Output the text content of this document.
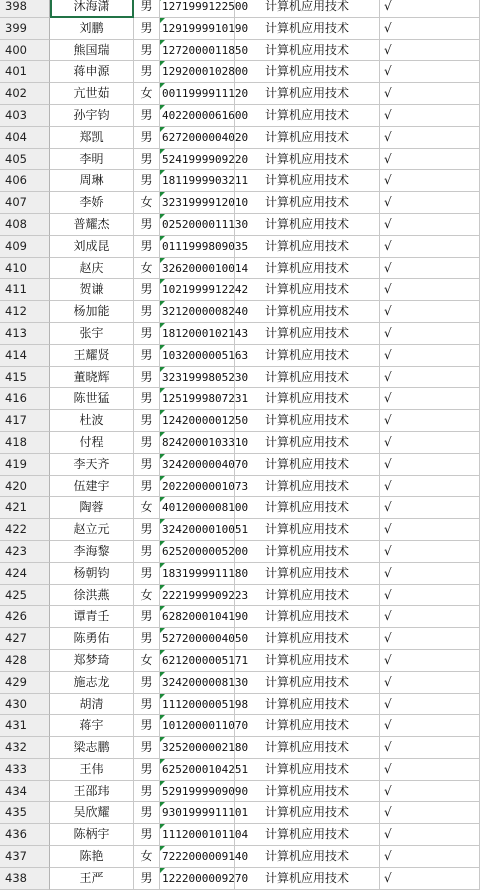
398	沐海潇	男 1271999122500	计算机应用技术	√
399	刘鹏	男 1291999910190	计算机应用技术	√
400	熊国瑞	男 1272000011850	计算机应用技术	√
401	蒋申源	男 1292000102800	计算机应用技术	√
402	亢世茹	女 0011999911120	计算机应用技术	√
403	孙宇钧	男 4022000061600	计算机应用技术	√
404	郑凯	男 6272000004020	计算机应用技术	√
405	李明	男 5241999909220	计算机应用技术	√
406	周琳	男 1811999903211	计算机应用技术	√
407	李娇	女 3231999912010	计算机应用技术	√
408	普耀杰	男 0252000011130	计算机应用技术	√
409	刘成昆	男 0111999809035	计算机应用技术	√
410	赵庆	女 3262000010014	计算机应用技术	√
411	贺谦	男 1021999912242	计算机应用技术	√
412	杨加能	男 3212000008240	计算机应用技术	√
413	张宇	男 1812000102143	计算机应用技术	√
414	王耀贤	男 1032000005163	计算机应用技术	√
415	董晓辉	男 3231999805230	计算机应用技术	√
416	陈世猛	男 1251999807231	计算机应用技术	√
417	杜波	男 1242000001250	计算机应用技术	√
418	付程	男 8242000103310	计算机应用技术	√
419	李天齐	男 3242000004070	计算机应用技术	√
420	伍建宇	男 2022000001073	计算机应用技术	√
421	陶蓉	女 4012000008100	计算机应用技术	√
422	赵立元	男 3242000010051	计算机应用技术	√
423	李海黎	男 6252000005200	计算机应用技术	√
424	杨朝钧	男 1831999911180	计算机应用技术	√
425	徐洪燕	女 2221999909223	计算机应用技术	√
426	谭青壬	男 6282000104190	计算机应用技术	√
427	陈勇佑	男 5272000004050	计算机应用技术	√
428	郑梦琦	女 6212000005171	计算机应用技术	√
429	施志龙	男 3242000008130	计算机应用技术	√
430	胡清	男 1112000005198	计算机应用技术	√
431	蒋宇	男 1012000011070	计算机应用技术	√
432	梁志鹏	男 3252000002180	计算机应用技术	√
433	王伟	男 6252000104251	计算机应用技术	√
434	王邵玮	男 5291999909090	计算机应用技术	√
435	吴欣耀	男 9301999911101	计算机应用技术	√
436	陈柄宇	男 1112000101104	计算机应用技术	√
437	陈艳	女 7222000009140	计算机应用技术	√
438	王严	男 1222000009270	计算机应用技术	√
